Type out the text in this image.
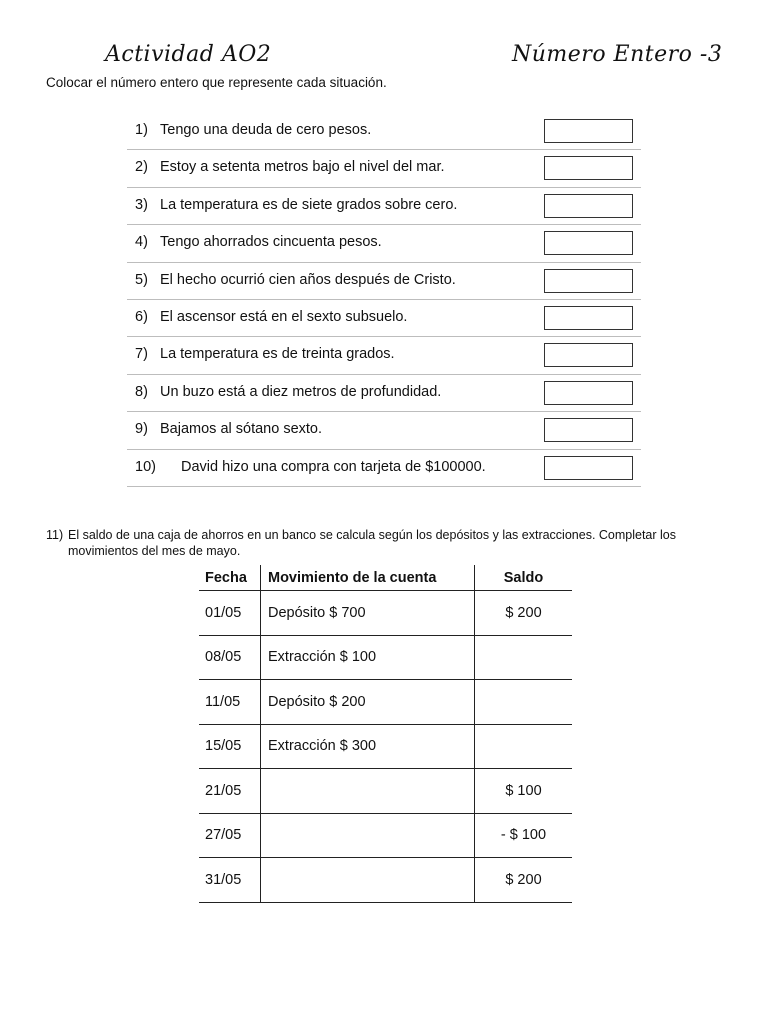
Actividad AO2	Número Entero -3
Colocar el número entero que represente cada situación.
1) Tengo una deuda de cero pesos.
2) Estoy a setenta metros bajo el nivel del mar.
3) La temperatura es de siete grados sobre cero.
4) Tengo ahorrados cincuenta pesos.
5) El hecho ocurrió cien años después de Cristo.
6) El ascensor está en el sexto subsuelo.
7) La temperatura es de treinta grados.
8) Un buzo está a diez metros de profundidad.
9) Bajamos al sótano sexto.
10) David hizo una compra con tarjeta de $100000.
11) El saldo de una caja de ahorros en un banco se calcula según los depósitos y las extracciones. Completar los movimientos del mes de mayo.
Fecha	Movimiento de la cuenta	Saldo
01/05	Depósito $ 700	$ 200
08/05	Extracción $ 100	
11/05	Depósito $ 200	
15/05	Extracción $ 300	
21/05		$ 100
27/05		- $ 100
31/05		$ 200
